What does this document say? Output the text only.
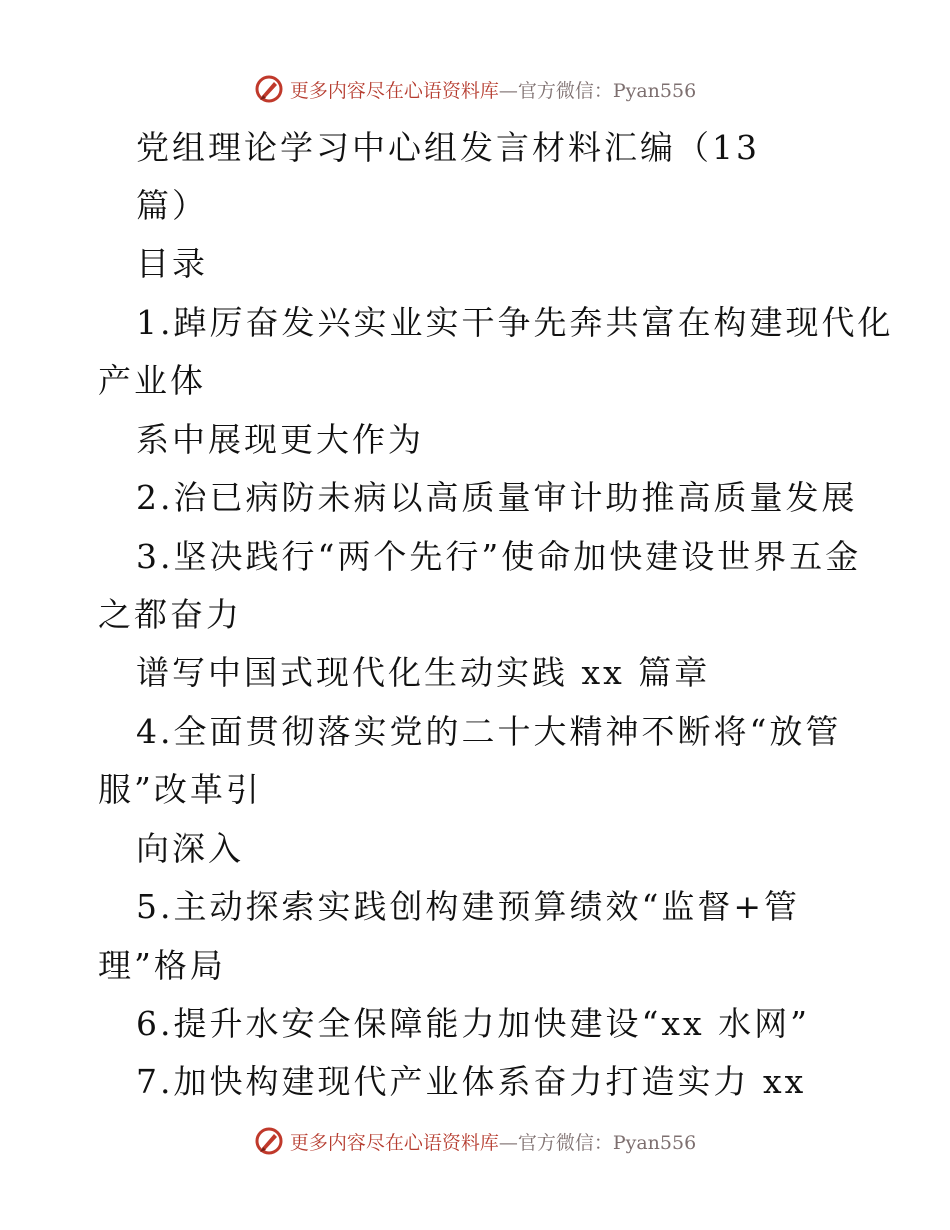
更多内容尽在心语资料库—官方微信：Pyan556
党组理论学习中心组发言材料汇编（13
篇）
目录
1.踔厉奋发兴实业实干争先奔共富在构建现代化
产业体
系中展现更大作为
2.治已病防未病以高质量审计助推高质量发展
3.坚决践行“两个先行”使命加快建设世界五金
之都奋力
谱写中国式现代化生动实践 xx 篇章
4.全面贯彻落实党的二十大精神不断将“放管
服”改革引
向深入
5.主动探索实践创构建预算绩效“监督+管
理”格局
6.提升水安全保障能力加快建设“xx 水网”
7.加快构建现代产业体系奋力打造实力 xx
更多内容尽在心语资料库—官方微信：Pyan556
